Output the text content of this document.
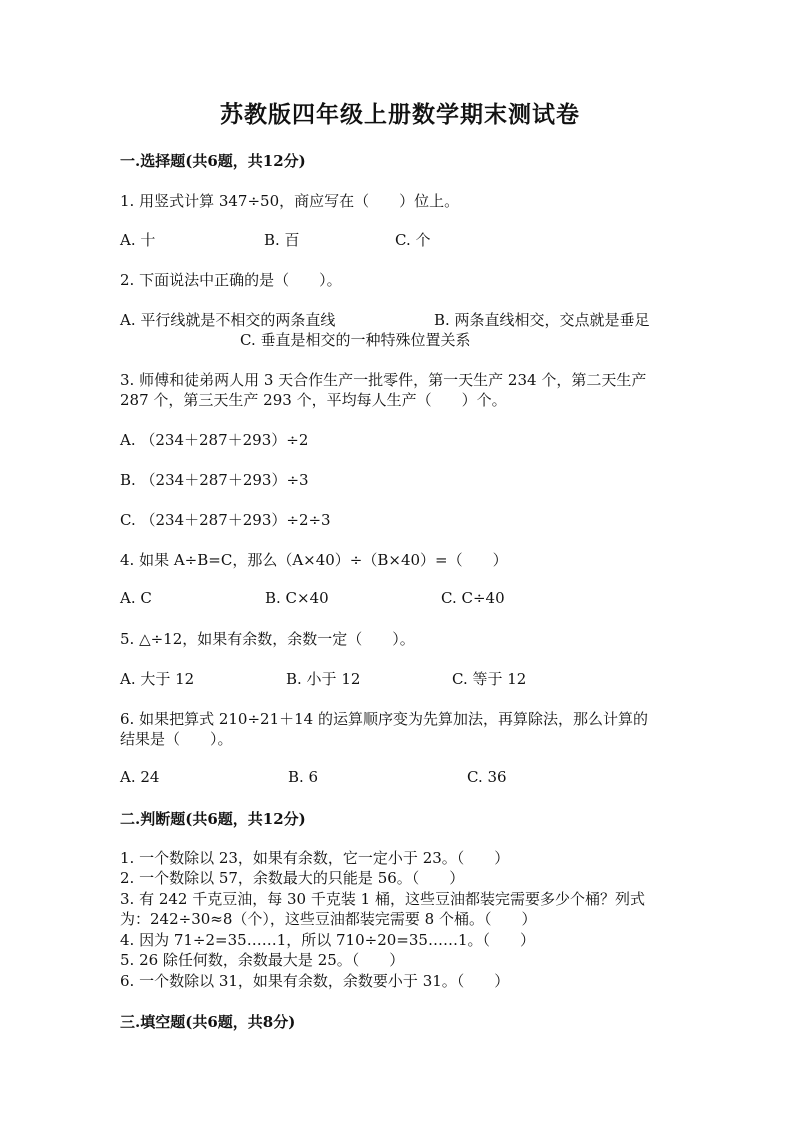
苏教版四年级上册数学期末测试卷
一.选择题(共6题，共12分)
1. 用竖式计算 347÷50，商应写在（　　）位上。
A. 十	B. 百	C. 个
2. 下面说法中正确的是（　　）。
A. 平行线就是不相交的两条直线	B. 两条直线相交，交点就是垂足
C. 垂直是相交的一种特殊位置关系
3. 师傅和徒弟两人用 3 天合作生产一批零件，第一天生产 234 个，第二天生产
287 个，第三天生产 293 个，平均每人生产（　　）个。
A. （234＋287＋293）÷2
B. （234＋287＋293）÷3
C. （234＋287＋293）÷2÷3
4. 如果 A÷B=C，那么（A×40）÷（B×40）=（　　）
A. C	B. C×40	C. C÷40
5. △÷12，如果有余数，余数一定（　　）。
A. 大于 12	B. 小于 12	C. 等于 12
6. 如果把算式 210÷21＋14 的运算顺序变为先算加法，再算除法，那么计算的
结果是（　　）。
A. 24	B. 6	C. 36
二.判断题(共6题，共12分)
1. 一个数除以 23，如果有余数，它一定小于 23。（　　）
2. 一个数除以 57，余数最大的只能是 56。（　　）
3. 有 242 千克豆油，每 30 千克装 1 桶，这些豆油都装完需要多少个桶？列式
为：242÷30≈8（个），这些豆油都装完需要 8 个桶。（　　）
4. 因为 71÷2=35……1，所以 710÷20=35……1。（　　）
5. 26 除任何数，余数最大是 25。（　　）
6. 一个数除以 31，如果有余数，余数要小于 31。（　　）
三.填空题(共6题，共8分)
